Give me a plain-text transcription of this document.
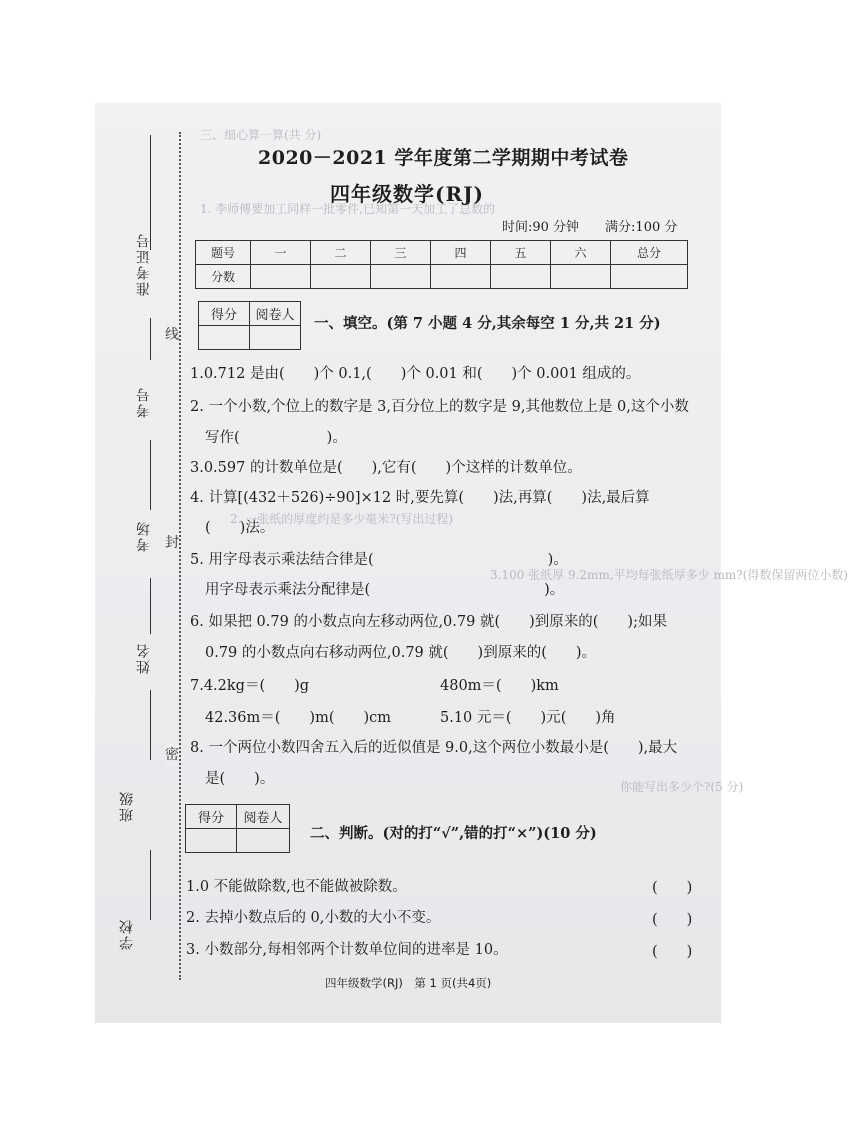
三、细心算一算(共 分)
1. 李师傅要加工同样一批零件,已知第一天加工了总数的
2. 一张纸的厚度约是多少毫米?(写出过程)
3.100 张纸厚 9.2mm,平均每张纸厚多少 mm?(得数保留两位小数)
你能写出多少个?(5 分)
准考证号
考号
考场
姓名
班级
学校
线
封
密
2020－2021 学年度第二学期期中考试卷
四年级数学(RJ)
时间:90 分钟　　满分:100 分
题号	一	二	三	四	五	六	总分
分数							
得分	阅卷人
	一、填空。(第 7 小题 4 分,其余每空 1 分,共 21 分)
1.0.712 是由(　　)个 0.1,(　　)个 0.01 和(　　)个 0.001 组成的。
2. 一个小数,个位上的数字是 3,百分位上的数字是 9,其他数位上是 0,这个小数
写作(　　　　　　)。
3.0.597 的计数单位是(　　),它有(　　)个这样的计数单位。
4. 计算[(432＋526)÷90]×12 时,要先算(　　)法,再算(　　)法,最后算
(　　)法。
5. 用字母表示乘法结合律是(　　　　　　　　　　　　)。
用字母表示乘法分配律是(　　　　　　　　　　　　)。
6. 如果把 0.79 的小数点向左移动两位,0.79 就(　　)到原来的(　　);如果
0.79 的小数点向右移动两位,0.79 就(　　)到原来的(　　)。
7.4.2kg＝(　　)g	480m＝(　　)km
42.36m＝(　　)m(　　)cm	5.10 元＝(　　)元(　　)角
8. 一个两位小数四舍五入后的近似值是 9.0,这个两位小数最小是(　　),最大
是(　　)。
得分	阅卷人

二、判断。(对的打“√”,错的打“×”)(10 分)
1.0 不能做除数,也不能做被除数。	(　　)
2. 去掉小数点后的 0,小数的大小不变。	(　　)
3. 小数部分,每相邻两个计数单位间的进率是 10。	(　　)
四年级数学(RJ)　第 1 页(共4页)
